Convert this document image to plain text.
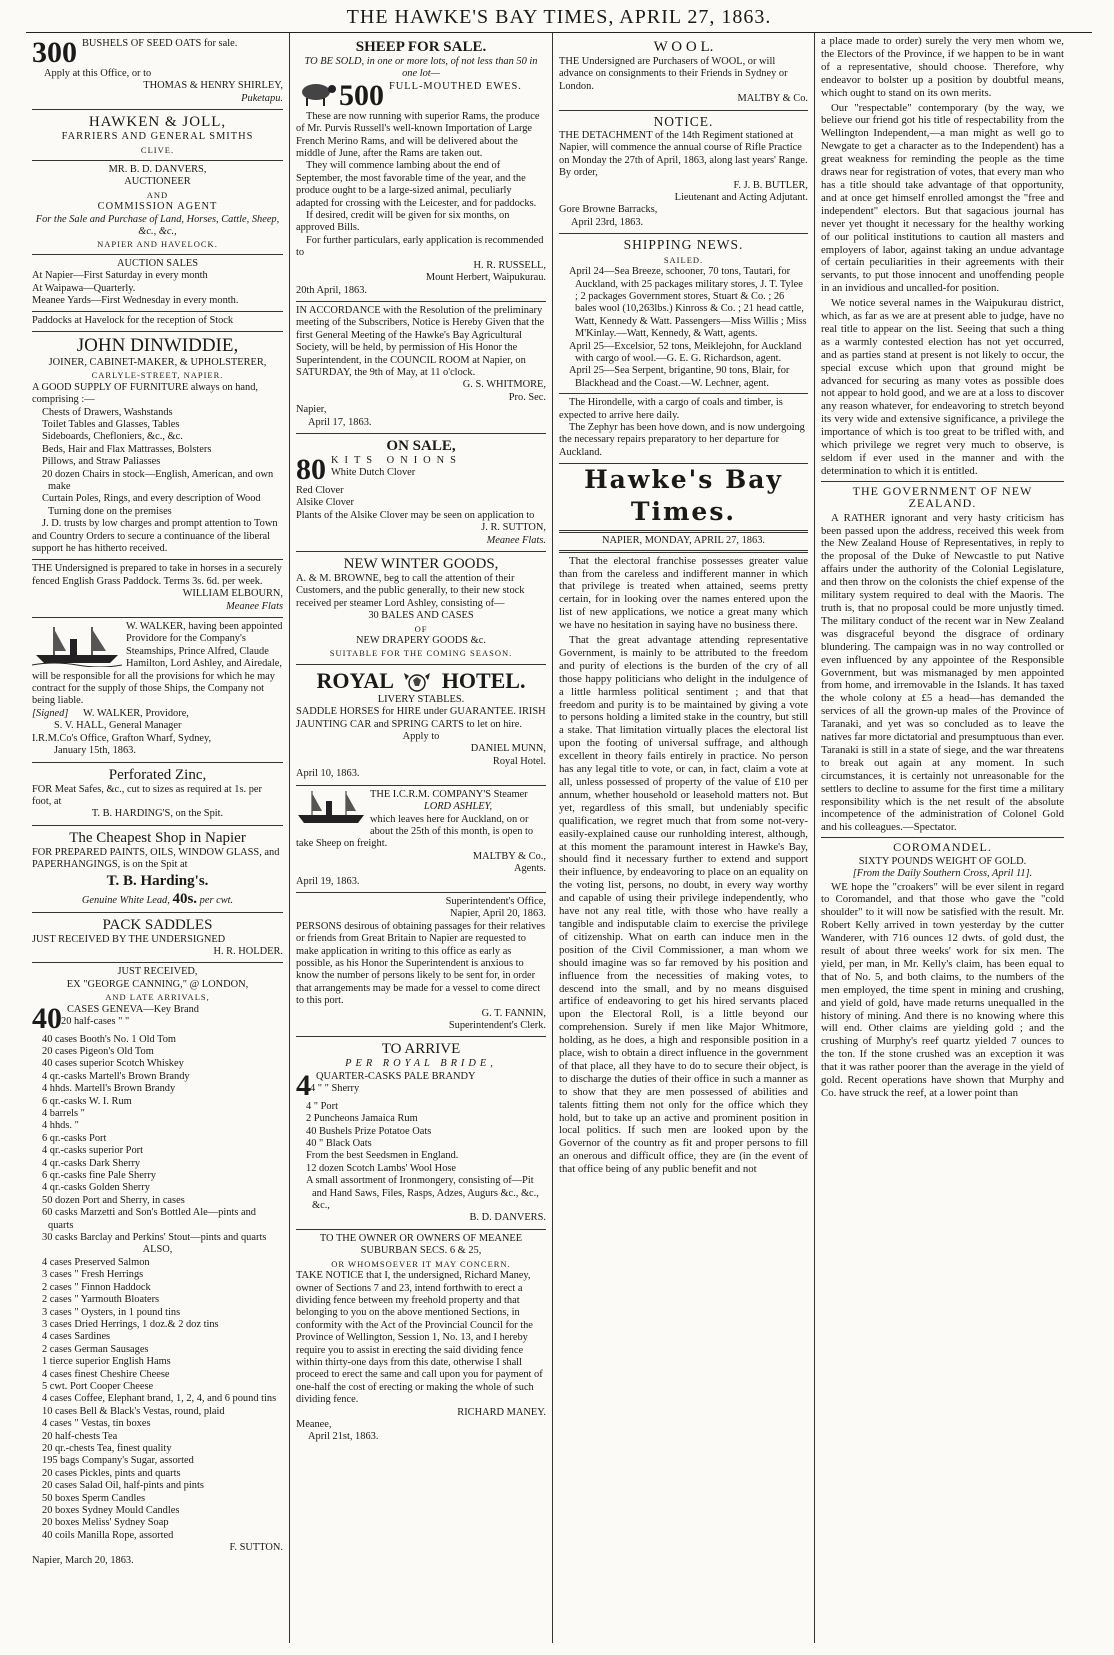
THE HAWKE'S BAY TIMES, APRIL 27, 1863.
300 BUSHELS OF SEED OATS for sale.
Apply at this Office, or to
THOMAS & HENRY SHIRLEY,
Puketapu.
HAWKEN & JOLL,
FARRIERS AND GENERAL SMITHS
CLIVE.
MR. B. D. DANVERS,
AUCTIONEER
AND
COMMISSION AGENT
For the Sale and Purchase of Land, Horses, Cattle, Sheep, &c., &c.,
NAPIER AND HAVELOCK.
AUCTION SALES
At Napier—First Saturday in every month
At Waipawa—Quarterly.
Meanee Yards—First Wednesday in every month.
Paddocks at Havelock for the reception of Stock
JOHN DINWIDDIE,
JOINER, CABINET-MAKER, & UPHOLSTERER,
CARLYLE-STREET, NAPIER.
A GOOD SUPPLY OF FURNITURE always on hand, comprising :—
Chests of Drawers, Washstands
Toilet Tables and Glasses, Tables
Sideboards, Chefloniers, &c., &c.
Beds, Hair and Flax Mattrasses, Bolsters
Pillows, and Straw Paliasses
20 dozen Chairs in stock—English, American, and own make
Curtain Poles, Rings, and every description of Wood Turning done on the premises
J. D. trusts by low charges and prompt attention to Town and Country Orders to secure a continuance of the liberal support he has hitherto received.
THE Undersigned is prepared to take in horses in a securely fenced English Grass Paddock. Terms 3s. 6d. per week.
WILLIAM ELBOURN,
Meanee Flats
W. WALKER, having been appointed Providore for the Company's Steamships, Prince Alfred, Claude Hamilton, Lord Ashley, and Airedale, will be responsible for all the provisions for which he may contract for the supply of those Ships, the Company not being liable.
[Signed] W. WALKER, Providore,
S. V. HALL, General Manager
I.R.M.Co's Office, Grafton Wharf, Sydney,
January 15th, 1863.
Perforated Zinc,
FOR Meat Safes, &c., cut to sizes as required at 1s. per foot, at
T. B. HARDING'S, on the Spit.
The Cheapest Shop in Napier
FOR PREPARED PAINTS, OILS, WINDOW GLASS, and PAPERHANGINGS, is on the Spit at
T. B. Harding's.
Genuine White Lead, 40s. per cwt.
PACK SADDLES
JUST RECEIVED BY THE UNDERSIGNED
H. R. HOLDER.
JUST RECEIVED,
EX "GEORGE CANNING," @ LONDON,
AND LATE ARRIVALS,
40 CASES GENEVA—Key Brand
20 half-cases " "
40 cases Booth's No. 1 Old Tom
20 cases Pigeon's Old Tom
40 cases superior Scotch Whiskey
4 qr.-casks Martell's Brown Brandy
4 hhds. Martell's Brown Brandy
6 qr.-casks W. I. Rum
4 barrels "
4 hhds. "
6 qr.-casks Port
4 qr.-casks superior Port
4 qr.-casks Dark Sherry
6 qr.-casks fine Pale Sherry
4 qr.-casks Golden Sherry
50 dozen Port and Sherry, in cases
60 casks Marzetti and Son's Bottled Ale—pints and quarts
30 casks Barclay and Perkins' Stout—pints and quarts
ALSO,
4 cases Preserved Salmon
3 cases " Fresh Herrings
2 cases " Finnon Haddock
2 cases " Yarmouth Bloaters
3 cases " Oysters, in 1 pound tins
3 cases Dried Herrings, 1 doz.& 2 doz tins
4 cases Sardines
2 cases German Sausages
1 tierce superior English Hams
4 cases finest Cheshire Cheese
5 cwt. Port Cooper Cheese
4 cases Coffee, Elephant brand, 1, 2, 4, and 6 pound tins
10 cases Bell & Black's Vestas, round, plaid
4 cases " Vestas, tin boxes
20 half-chests Tea
20 qr.-chests Tea, finest quality
195 bags Company's Sugar, assorted
20 cases Pickles, pints and quarts
20 cases Salad Oil, half-pints and pints
50 boxes Sperm Candles
20 boxes Sydney Mould Candles
20 boxes Meliss' Sydney Soap
40 coils Manilla Rope, assorted
F. SUTTON.
Napier, March 20, 1863.
SHEEP FOR SALE.
TO BE SOLD, in one or more lots, of not less than 50 in one lot—
500 FULL-MOUTHED EWES.
These are now running with superior Rams, the produce of Mr. Purvis Russell's well-known Importation of Large French Merino Rams, and will be delivered about the middle of June, after the Rams are taken out.
They will commence lambing about the end of September, the most favorable time of the year, and the produce ought to be a large-sized animal, peculiarly adapted for crossing with the Leicester, and for paddocks.
If desired, credit will be given for six months, on approved Bills.
For further particulars, early application is recommended to
H. R. RUSSELL,
Mount Herbert, Waipukurau.
20th April, 1863.
IN ACCORDANCE with the Resolution of the preliminary meeting of the Subscribers, Notice is Hereby Given that the first General Meeting of the Hawke's Bay Agricultural Society, will be held, by permission of His Honor the Superintendent, in the COUNCIL ROOM at Napier, on SATURDAY, the 9th of May, at 11 o'clock.
G. S. WHITMORE,
Pro. Sec.
Napier,
April 17, 1863.
ON SALE,
80 KITS ONIONS
White Dutch Clover
Red Clover
Alsike Clover
Plants of the Alsike Clover may be seen on application to
J. R. SUTTON,
Meanee Flats.
NEW WINTER GOODS,
A. & M. BROWNE, beg to call the attention of their Customers, and the public generally, to their new stock received per steamer Lord Ashley, consisting of—
30 BALES AND CASES
OF
NEW DRAPERY GOODS &c.
SUITABLE FOR THE COMING SEASON.
ROYAL HOTEL.
LIVERY STABLES.
SADDLE HORSES for HIRE under GUARANTEE. IRISH JAUNTING CAR and SPRING CARTS to let on hire.
Apply to
DANIEL MUNN,
Royal Hotel.
April 10, 1863.
THE I.C.R.M. COMPANY'S Steamer
LORD ASHLEY,
which leaves here for Auckland, on or about the 25th of this month, is open to take Sheep on freight.
MALTBY & Co.,
Agents.
April 19, 1863.
Superintendent's Office,
Napier, April 20, 1863.
PERSONS desirous of obtaining passages for their relatives or friends from Great Britain to Napier are requested to make application in writing to this office as early as possible, as his Honor the Superintendent is anxious to know the number of persons likely to be sent for, in order that arrangements may be made for a vessel to come direct to this port.
G. T. FANNIN,
Superintendent's Clerk.
TO ARRIVE
PER ROYAL BRIDE,
4 QUARTER-CASKS PALE BRANDY
4 " " Sherry
4 " Port
2 Puncheons Jamaica Rum
40 Bushels Prize Potatoe Oats
40 " Black Oats
From the best Seedsmen in England.
12 dozen Scotch Lambs' Wool Hose
A small assortment of Ironmongery, consisting of—Pit and Hand Saws, Files, Rasps, Adzes, Augurs &c., &c., &c.,
B. D. DANVERS.
TO THE OWNER OR OWNERS OF MEANEE SUBURBAN SECS. 6 & 25,
OR WHOMSOEVER IT MAY CONCERN.
TAKE NOTICE that I, the undersigned, Richard Maney, owner of Sections 7 and 23, intend forthwith to erect a dividing fence between my freehold property and that belonging to you on the above mentioned Sections, in conformity with the Act of the Provincial Council for the Province of Wellington, Session 1, No. 13, and I hereby require you to assist in erecting the said dividing fence within thirty-one days from this date, otherwise I shall proceed to erect the same and call upon you for payment of one-half the cost of erecting or making the whole of such dividing fence.
RICHARD MANEY.
Meanee,
April 21st, 1863.
W O O L.
THE Undersigned are Purchasers of WOOL, or will advance on consignments to their Friends in Sydney or London.
MALTBY & Co.
NOTICE.
THE DETACHMENT of the 14th Regiment stationed at Napier, will commence the annual course of Rifle Practice on Monday the 27th of April, 1863, along last years' Range.
By order,
F. J. B. BUTLER,
Lieutenant and Acting Adjutant.
Gore Browne Barracks,
April 23rd, 1863.
SHIPPING NEWS.
SAILED.
April 24—Sea Breeze, schooner, 70 tons, Tautari, for Auckland, with 25 packages military stores, J. T. Tylee ; 2 packages Government stores, Stuart & Co. ; 26 bales wool (10,263lbs.) Kinross & Co. ; 21 head cattle, Watt, Kennedy & Watt. Passengers—Miss Willis ; Miss M'Kinlay.—Watt, Kennedy, & Watt, agents.
April 25—Excelsior, 52 tons, Meiklejohn, for Auckland with cargo of wool.—G. E. G. Richardson, agent.
April 25—Sea Serpent, brigantine, 90 tons, Blair, for Blackhead and the Coast.—W. Lechner, agent.
The Hirondelle, with a cargo of coals and timber, is expected to arrive here daily.
The Zephyr has been hove down, and is now undergoing the necessary repairs preparatory to her departure for Auckland.
Hawke's Bay Times.
NAPIER, MONDAY, APRIL 27, 1863.

That the electoral franchise possesses greater value than from the careless and indifferent manner in which that privilege is treated when attained, seems pretty certain, for in looking over the names entered upon the list of new applications, we notice a great many which we have no hesitation in saying have no business there.

That the great advantage attending representative Government, is mainly to be attributed to the freedom and purity of elections is the burden of the cry of all those happy politicians who delight in the indulgence of a little harmless political sentiment ; and that that freedom and purity is to be maintained by giving a vote to persons holding a limited stake in the country, but still a stake. That limitation virtually places the electoral list upon the footing of universal suffrage, and although excellent in theory fails entirely in practice. No person has any legal title to vote, or can, in fact, claim a vote at all, unless possessed of property of the value of £10 per annum, whether household or leasehold matters not. But yet, regardless of this small, but undeniably specific qualification, we regret much that from some not-very-easily-explained cause our runholding interest, although, at this moment the paramount interest in Hawke's Bay, should find it necessary further to extend and support their influence, by endeavoring to place on an equality on the voting list, persons, no doubt, in every way worthy and capable of using their privilege independently, who have not any real title, with those who have really a tangible and indisputable claim to exercise the privilege of citizenship. What on earth can induce men in the position of the Civil Commissioner, a man whom we should imagine was so far removed by his position and influence from the necessities of making votes, to descend into the small, and by no means disguised artifice of endeavoring to get his hired servants placed upon the Electoral Roll, is a little beyond our comprehension. Surely if men like Major Whitmore, holding, as he does, a high and responsible position in a place, wish to obtain a direct influence in the government of that place, all they have to do to secure their object, is to discharge the duties of their office in such a manner as to show that they are men possessed of abilities and talents fitting them not only for the office which they hold, but to take up an active and prominent position in local politics. If such men are looked upon by the Governor of the country as fit and proper persons to fill an onerous and difficult office, they are (in the event of that office being of any public benefit and not

a place made to order) surely the very men whom we, the Electors of the Province, if we happen to be in want of a representative, should choose. Therefore, why endeavor to bolster up a position by doubtful means, which ought to stand on its own merits.

Our "respectable" contemporary (by the way, we believe our friend got his title of respectability from the Wellington Independent,—a man might as well go to Newgate to get a character as to the Independent) has a great weakness for reminding the people as the time draws near for registration of votes, that every man who has a title should take advantage of that opportunity, and at once get himself enrolled amongst the "free and independent" electors. But that sagacious journal has never yet thought it necessary for the healthy working of our political institutions to caution all masters and employers of labor, against taking an undue advantage of certain peculiarities in their agreements with their servants, to put those innocent and unoffending people in an invidious and uncalled-for position.

We notice several names in the Waipukurau district, which, as far as we are at present able to judge, have no real title to appear on the list. Seeing that such a thing as a warmly contested election has not yet occurred, and as parties stand at present is not likely to occur, the special excuse which upon that ground might be advanced for securing as many votes as possible does not appear to hold good, and we are at a loss to discover any reason whatever, for endeavoring to stretch beyond its very wide and extensive significance, a privilege the importance of which is too great to be trifled with, and which privilege we regret very much to observe, is seldom if ever used in the manner and with the determination to which it is entitled.

THE GOVERNMENT OF NEW ZEALAND.
A RATHER ignorant and very hasty criticism has been passed upon the address, received this week from the New Zealand House of Representatives, in reply to the proposal of the Duke of Newcastle to put Native affairs under the authority of the Colonial Legislature, and then throw on the colonists the chief expense of the military system required to deal with the Maoris. The truth is, that no proposal could be more unjustly timed. The military conduct of the recent war in New Zealand was disgraceful beyond the disgrace of ordinary blundering. The campaign was in no way controlled or even influenced by any appointee of the Responsible Government, but was mismanaged by men appointed from home, and irremovable in the Islands. It has taxed the whole colony at £5 a head—has demanded the services of all the grown-up males of the Province of Taranaki, and yet was so concluded as to leave the natives far more dictatorial and presumptuous than ever. Taranaki is still in a state of siege, and the war threatens to break out again at any moment. In such circumstances, it is certainly not unreasonable for the settlers to decline to assume for the first time a military responsibility which is the net result of the absolute incompetence of the administration of Colonel Gold and his colleagues.—Spectator.
COROMANDEL.
SIXTY POUNDS WEIGHT OF GOLD.
[From the Daily Southern Cross, April 11].
WE hope the "croakers" will be ever silent in regard to Coromandel, and that those who gave the "cold shoulder" to it will now be satisfied with the result. Mr. Robert Kelly arrived in town yesterday by the cutter Wanderer, with 716 ounces 12 dwts. of gold dust, the result of about three weeks' work for six men. The yield, per man, in Mr. Kelly's claim, has been equal to that of No. 5, and both claims, to the numbers of the men employed, the time spent in mining and crushing, and yield of gold, have made returns unequalled in the history of mining. And there is no knowing where this will end. Other claims are yielding gold ; and the crushing of Murphy's reef quartz yielded 7 ounces to the ton. If the stone crushed was an exception it was that it was rather poorer than the average in the yield of gold. Recent operations have shown that Murphy and Co. have struck the reef, at a lower point than
